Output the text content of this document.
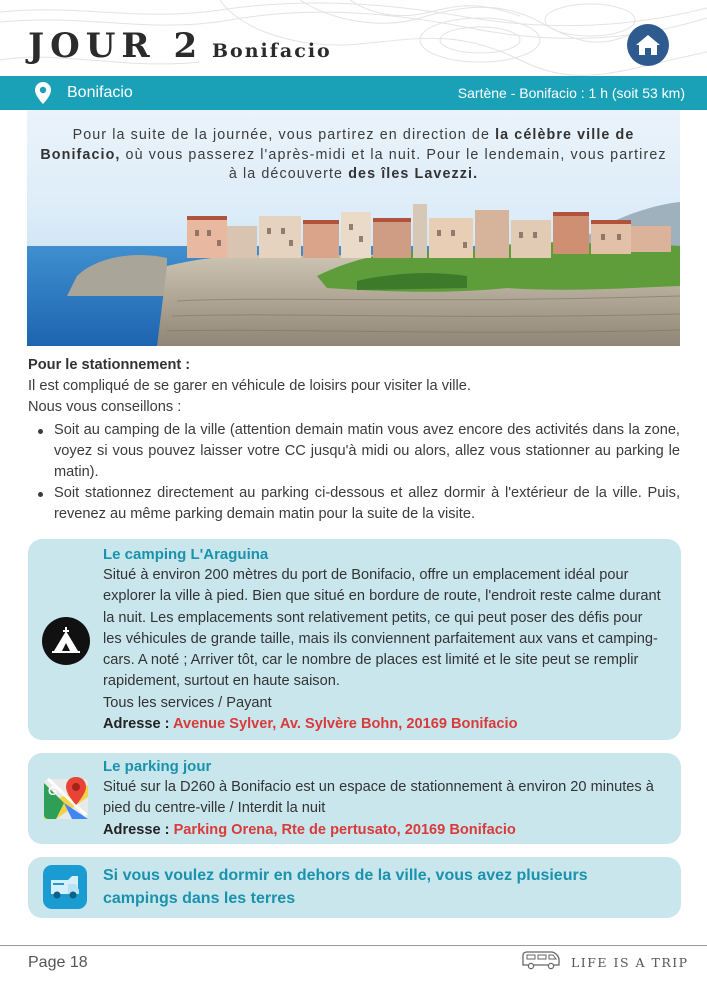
JOUR 2 Bonifacio
Bonifacio	Sartène - Bonifacio : 1 h (soit 53 km)
Pour la suite de la journée, vous partirez en direction de la célèbre ville de Bonifacio, où vous passerez l'après-midi et la nuit. Pour le lendemain, vous partirez à la découverte des îles Lavezzi.
Pour le stationnement :
Il est compliqué de se garer en véhicule de loisirs pour visiter la ville.
Nous vous conseillons :
Soit au camping de la ville (attention demain matin vous avez encore des activités dans la zone, voyez si vous pouvez laisser votre CC jusqu'à midi ou alors, allez vous stationner au parking le matin).
Soit stationnez directement au parking ci-dessous et allez dormir à l'extérieur de la ville. Puis, revenez au même parking demain matin pour la suite de la visite.
Le camping L'Araguina
Situé à environ 200 mètres du port de Bonifacio, offre un emplacement idéal pour explorer la ville à pied. Bien que situé en bordure de route, l'endroit reste calme durant la nuit. Les emplacements sont relativement petits, ce qui peut poser des défis pour les véhicules de grande taille, mais ils conviennent parfaitement aux vans et camping-cars. A noté ; Arriver tôt, car le nombre de places est limité et le site peut se remplir rapidement, surtout en haute saison.
Tous les services / Payant
Adresse : Avenue Sylver, Av. Sylvère Bohn, 20169 Bonifacio
G
Le parking jour
Situé sur la D260 à Bonifacio est un espace de stationnement à environ 20 minutes à pied du centre-ville / Interdit la nuit
Adresse : Parking Orena, Rte de pertusato, 20169 Bonifacio
Si vous voulez dormir en dehors de la ville, vous avez plusieurs campings dans les terres
Page 18	LIFE IS A TRIP
